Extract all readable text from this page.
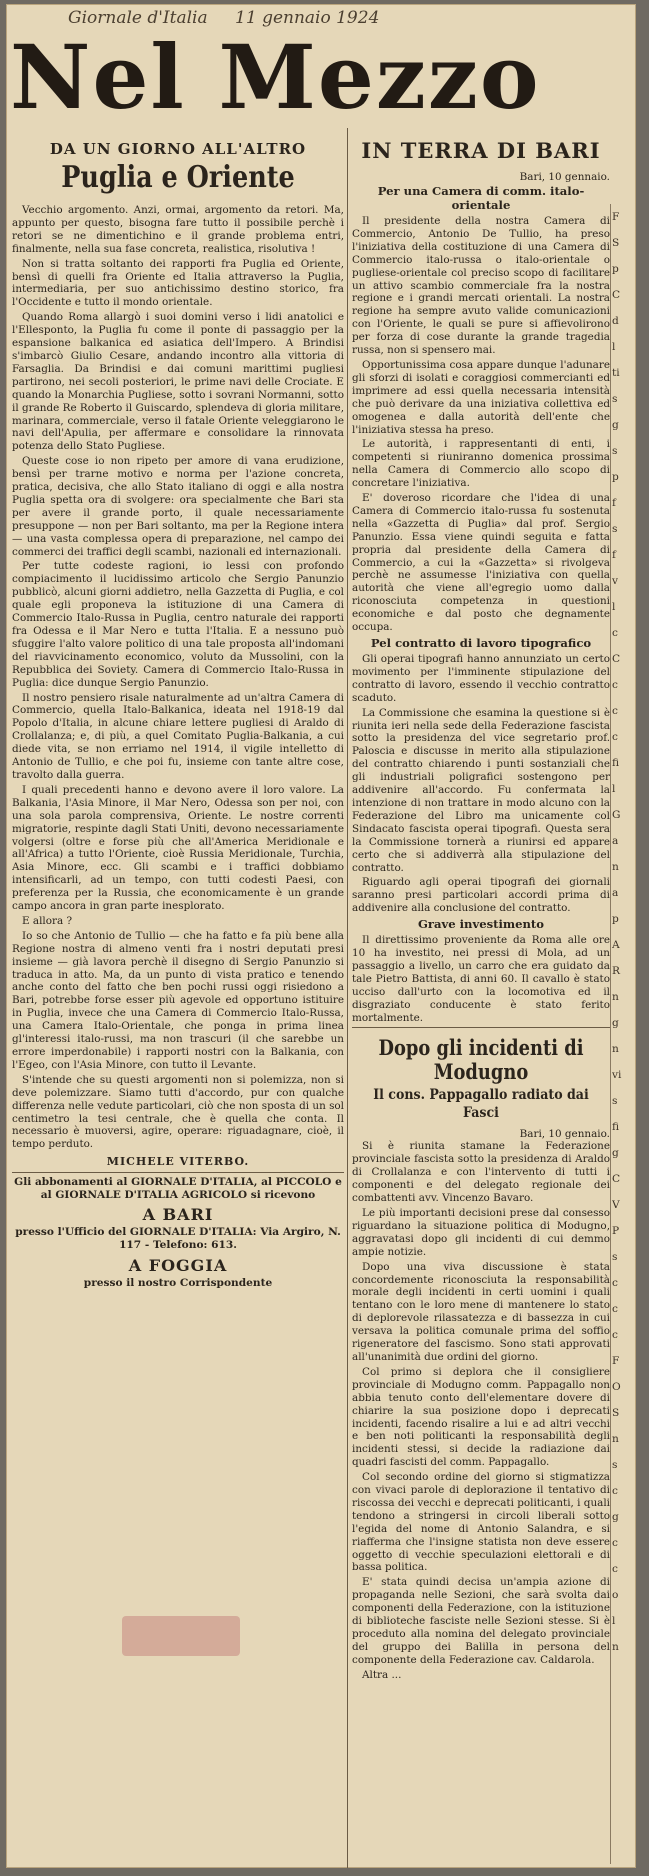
Giornale d'Italia 11 gennaio 1924
Nel Mezzo
DA UN GIORNO ALL'ALTRO
Puglia e Oriente

Vecchio argomento. Anzi, ormai, argomento da retori. Ma, appunto per questo, bisogna fare tutto il possibile perchè i retori se ne dimentichino e il grande problema entri, finalmente, nella sua fase concreta, realistica, risolutiva !

Non si tratta soltanto dei rapporti fra Puglia ed Oriente, bensì di quelli fra Oriente ed Italia attraverso la Puglia, intermediaria, per suo antichissimo destino storico, fra l'Occidente e tutto il mondo orientale.

Quando Roma allargò i suoi domini verso i lidi anatolici e l'Ellesponto, la Puglia fu come il ponte di passaggio per la espansione balkanica ed asiatica dell'Impero. A Brindisi s'imbarcò Giulio Cesare, andando incontro alla vittoria di Farsaglia. Da Brindisi e dai comuni marittimi pugliesi partirono, nei secoli posteriori, le prime navi delle Crociate. E quando la Monarchia Pugliese, sotto i sovrani Normanni, sotto il grande Re Roberto il Guiscardo, splendeva di gloria militare, marinara, commerciale, verso il fatale Oriente veleggiarono le navi dell'Apulia, per affermare e consolidare la rinnovata potenza dello Stato Pugliese.

Queste cose io non ripeto per amore di vana erudizione, bensì per trarne motivo e norma per l'azione concreta, pratica, decisiva, che allo Stato italiano di oggi e alla nostra Puglia spetta ora di svolgere: ora specialmente che Bari sta per avere il grande porto, il quale necessariamente presuppone — non per Bari soltanto, ma per la Regione intera — una vasta complessa opera di preparazione, nel campo dei commerci dei traffici degli scambi, nazionali ed internazionali.

Per tutte codeste ragioni, io lessi con profondo compiacimento il lucidissimo articolo che Sergio Panunzio pubblicò, alcuni giorni addietro, nella Gazzetta di Puglia, e col quale egli proponeva la istituzione di una Camera di Commercio Italo-Russa in Puglia, centro naturale dei rapporti fra Odessa e il Mar Nero e tutta l'Italia. E a nessuno può sfuggire l'alto valore politico di una tale proposta all'indomani del riavvicinamento economico, voluto da Mussolini, con la Repubblica dei Soviety. Camera di Commercio Italo-Russa in Puglia: dice dunque Sergio Panunzio.

Il nostro pensiero risale naturalmente ad un'altra Camera di Commercio, quella Italo-Balkanica, ideata nel 1918-19 dal Popolo d'Italia, in alcune chiare lettere pugliesi di Araldo di Crollalanza; e, di più, a quel Comitato Puglia-Balkania, a cui diede vita, se non erriamo nel 1914, il vigile intelletto di Antonio de Tullio, e che poi fu, insieme con tante altre cose, travolto dalla guerra.

I quali precedenti hanno e devono avere il loro valore. La Balkania, l'Asia Minore, il Mar Nero, Odessa son per noi, con una sola parola comprensiva, Oriente. Le nostre correnti migratorie, respinte dagli Stati Uniti, devono necessariamente volgersi (oltre e forse più che all'America Meridionale e all'Africa) a tutto l'Oriente, cioè Russia Meridionale, Turchia, Asia Minore, ecc. Gli scambi e i traffici dobbiamo intensificarli, ad un tempo, con tutti codesti Paesi, con preferenza per la Russia, che economicamente è un grande campo ancora in gran parte inesplorato.

E allora ?

Io so che Antonio de Tullio — che ha fatto e fa più bene alla Regione nostra di almeno venti fra i nostri deputati presi insieme — già lavora perchè il disegno di Sergio Panunzio si traduca in atto. Ma, da un punto di vista pratico e tenendo anche conto del fatto che ben pochi russi oggi risiedono a Bari, potrebbe forse esser più agevole ed opportuno istituire in Puglia, invece che una Camera di Commercio Italo-Russa, una Camera Italo-Orientale, che ponga in prima linea gl'interessi italo-russi, ma non trascuri (il che sarebbe un errore imperdonabile) i rapporti nostri con la Balkania, con l'Egeo, con l'Asia Minore, con tutto il Levante.

S'intende che su questi argomenti non si polemizza, non si deve polemizzare. Siamo tutti d'accordo, pur con qualche differenza nelle vedute particolari, ciò che non sposta di un sol centimetro la tesi centrale, che è quella che conta. Il necessario è muoversi, agire, operare: riguadagnare, cioè, il tempo perduto.

MICHELE VITERBO.
Gli abbonamenti al GIORNALE D'ITALIA, al PICCOLO e al GIORNALE D'ITALIA AGRICOLO si ricevono
A BARI
presso l'Ufficio del GIORNALE D'ITALIA: Via Argiro, N. 117 - Telefono: 613.
A FOGGIA
presso il nostro Corrispondente
IN TERRA DI BARI
Bari, 10 gennaio.
Per una Camera di comm. italo-orientale

Il presidente della nostra Camera di Commercio, Antonio De Tullio, ha preso l'iniziativa della costituzione di una Camera di Commercio italo-russa o italo-orientale o pugliese-orientale col preciso scopo di facilitare un attivo scambio commerciale fra la nostra regione e i grandi mercati orientali. La nostra regione ha sempre avuto valide comunicazioni con l'Oriente, le quali se pure si affievolirono per forza di cose durante la grande tragedia russa, non si spensero mai.

Opportunissima cosa appare dunque l'adunare gli sforzi di isolati e coraggiosi commercianti ed imprimere ad essi quella necessaria intensità che può derivare da una iniziativa collettiva ed omogenea e dalla autorità dell'ente che l'iniziativa stessa ha preso.

Le autorità, i rappresentanti di enti, i competenti si riuniranno domenica prossima nella Camera di Commercio allo scopo di concretare l'iniziativa.

E' doveroso ricordare che l'idea di una Camera di Commercio italo-russa fu sostenuta nella «Gazzetta di Puglia» dal prof. Sergio Panunzio. Essa viene quindi seguita e fatta propria dal presidente della Camera di Commercio, a cui la «Gazzetta» si rivolgeva perchè ne assumesse l'iniziativa con quella autorità che viene all'egregio uomo dalla riconosciuta competenza in questioni economiche e dal posto che degnamente occupa.

Pel contratto di lavoro tipografico

Gli operai tipografi hanno annunziato un certo movimento per l'imminente stipulazione del contratto di lavoro, essendo il vecchio contratto scaduto.

La Commissione che esamina la questione si è riunita ieri nella sede della Federazione fascista sotto la presidenza del vice segretario prof. Paloscia e discusse in merito alla stipulazione del contratto chiarendo i punti sostanziali che gli industriali poligrafici sostengono per addivenire all'accordo. Fu confermata la intenzione di non trattare in modo alcuno con la Federazione del Libro ma unicamente col Sindacato fascista operai tipografi. Questa sera la Commissione tornerà a riunirsi ed appare certo che si addiverrà alla stipulazione del contratto.

Riguardo agli operai tipografi dei giornali saranno presi particolari accordi prima di addivenire alla conclusione del contratto.

Grave investimento

Il direttissimo proveniente da Roma alle ore 10 ha investito, nei pressi di Mola, ad un passaggio a livello, un carro che era guidato da tale Pietro Battista, di anni 60. Il cavallo è stato ucciso dall'urto con la locomotiva ed il disgraziato conducente è stato ferito mortalmente.

Dopo gli incidenti di Modugno
Il cons. Pappagallo radiato dai Fasci
Bari, 10 gennaio.

Si è riunita stamane la Federazione provinciale fascista sotto la presidenza di Araldo di Crollalanza e con l'intervento di tutti i componenti e del delegato regionale dei combattenti avv. Vincenzo Bavaro.

Le più importanti decisioni prese dal consesso riguardano la situazione politica di Modugno, aggravatasi dopo gli incidenti di cui demmo ampie notizie.

Dopo una viva discussione è stata concordemente riconosciuta la responsabilità morale degli incidenti in certi uomini i quali tentano con le loro mene di mantenere lo stato di deplorevole rilassatezza e di bassezza in cui versava la politica comunale prima del soffio rigeneratore del fascismo. Sono stati approvati all'unanimità due ordini del giorno.

Col primo si deplora che il consigliere provinciale di Modugno comm. Pappagallo non abbia tenuto conto dell'elementare dovere di chiarire la sua posizione dopo i deprecati incidenti, facendo risalire a lui e ad altri vecchi e ben noti politicanti la responsabilità degli incidenti stessi, si decide la radiazione dai quadri fascisti del comm. Pappagallo.

Col secondo ordine del giorno si stigmatizza con vivaci parole di deplorazione il tentativo di riscossa dei vecchi e deprecati politicanti, i quali tendono a stringersi in circoli liberali sotto l'egida del nome di Antonio Salandra, e si riafferma che l'insigne statista non deve essere oggetto di vecchie speculazioni elettorali e di bassa politica.

E' stata quindi decisa un'ampia azione di propaganda nelle Sezioni, che sarà svolta dai componenti della Federazione, con la istituzione di biblioteche fasciste nelle Sezioni stesse. Si è proceduto alla nomina del delegato provinciale del gruppo dei Balilla in persona del componente della Federazione cav. Caldarola.

Altra ...

F
S
p
C
d
l
ti
s
g
s
p
f
s
f
v
l
c
C
c
c
c
fi
l
G
a
n
a
p
A
R
n
g
n
vi
s
fi
g
C
V
P
s
c
c
c
F
O
S
n
s
c
g
c
c
o
l
n
